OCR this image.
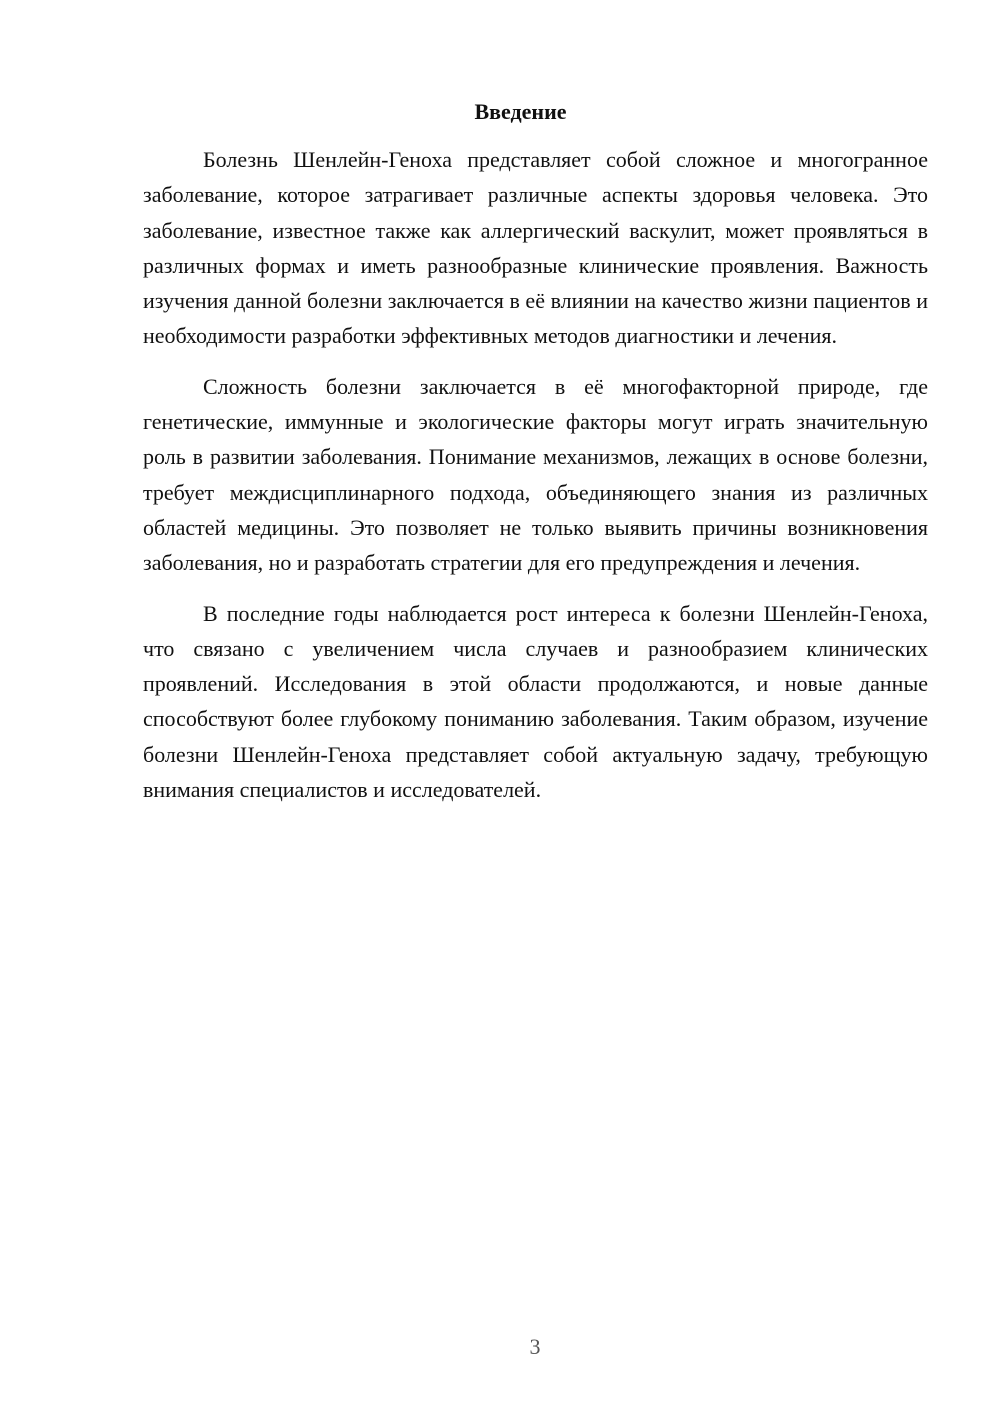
Введение

Болезнь Шенлейн-Геноха представляет собой сложное и многогранное заболевание, которое затрагивает различные аспекты здоровья человека. Это заболевание, известное также как аллергический васкулит, может проявляться в различных формах и иметь разнообразные клинические проявления. Важность изучения данной болезни заключается в её влиянии на качество жизни пациентов и необходимости разработки эффективных методов диагностики и лечения.

Сложность болезни заключается в её многофакторной природе, где генетические, иммунные и экологические факторы могут играть значительную роль в развитии заболевания. Понимание механизмов, лежащих в основе болезни, требует междисциплинарного подхода, объединяющего знания из различных областей медицины. Это позволяет не только выявить причины возникновения заболевания, но и разработать стратегии для его предупреждения и лечения.

В последние годы наблюдается рост интереса к болезни Шенлейн-Геноха, что связано с увеличением числа случаев и разнообразием клинических проявлений. Исследования в этой области продолжаются, и новые данные способствуют более глубокому пониманию заболевания. Таким образом, изучение болезни Шенлейн-Геноха представляет собой актуальную задачу, требующую внимания специалистов и исследователей.

3
